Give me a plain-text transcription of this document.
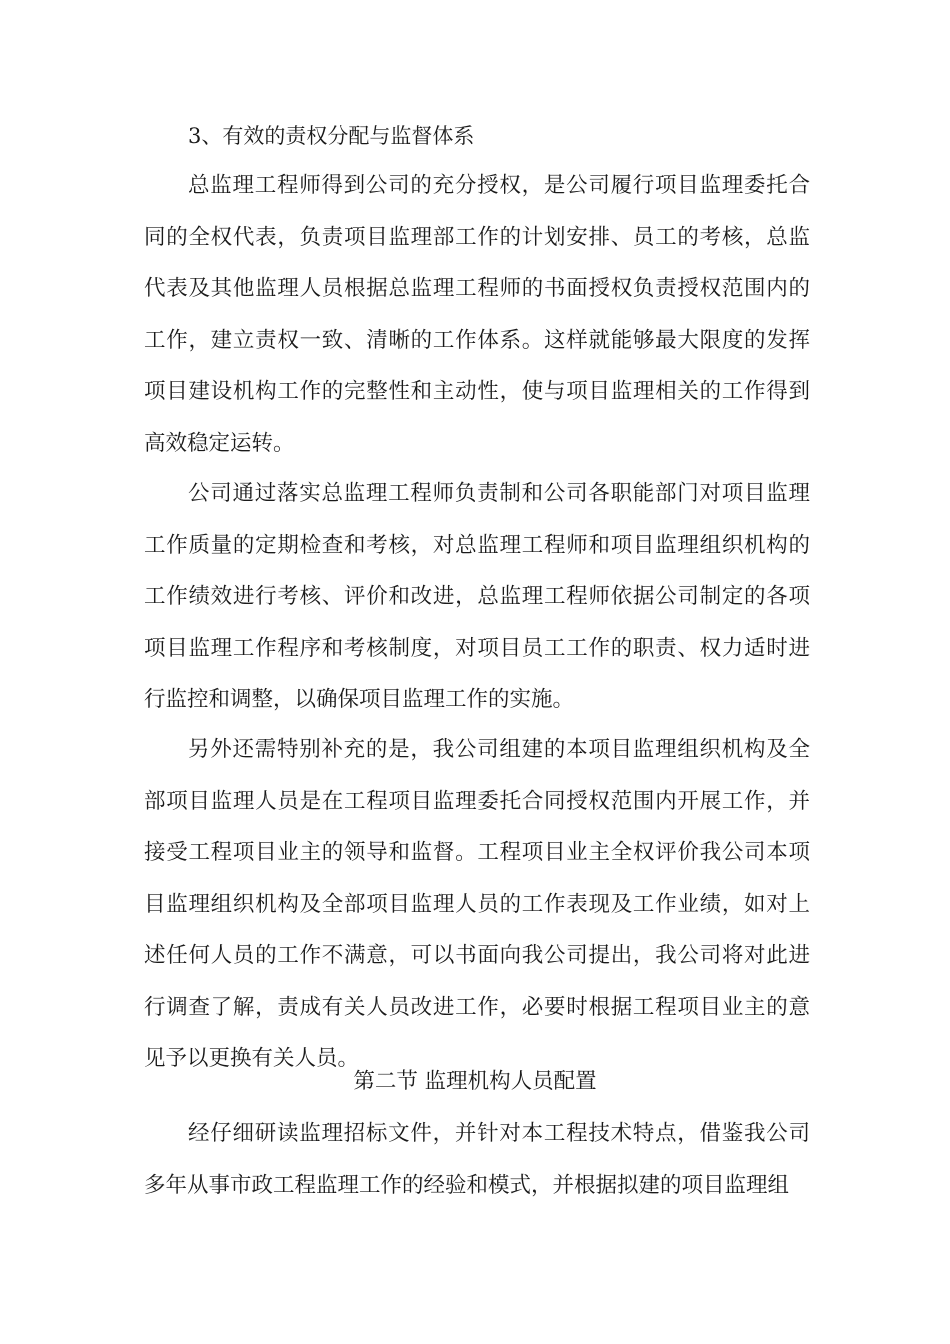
3、有效的责权分配与监督体系

总监理工程师得到公司的充分授权，是公司履行项目监理委托合同的全权代表，负责项目监理部工作的计划安排、员工的考核，总监代表及其他监理人员根据总监理工程师的书面授权负责授权范围内的工作，建立责权一致、清晰的工作体系。这样就能够最大限度的发挥项目建设机构工作的完整性和主动性，使与项目监理相关的工作得到高效稳定运转。

公司通过落实总监理工程师负责制和公司各职能部门对项目监理工作质量的定期检查和考核，对总监理工程师和项目监理组织机构的工作绩效进行考核、评价和改进，总监理工程师依据公司制定的各项项目监理工作程序和考核制度，对项目员工工作的职责、权力适时进行监控和调整，以确保项目监理工作的实施。

另外还需特别补充的是，我公司组建的本项目监理组织机构及全部项目监理人员是在工程项目监理委托合同授权范围内开展工作，并接受工程项目业主的领导和监督。工程项目业主全权评价我公司本项目监理组织机构及全部项目监理人员的工作表现及工作业绩，如对上述任何人员的工作不满意，可以书面向我公司提出，我公司将对此进行调查了解，责成有关人员改进工作，必要时根据工程项目业主的意见予以更换有关人员。

第二节 监理机构人员配置

经仔细研读监理招标文件，并针对本工程技术特点，借鉴我公司多年从事市政工程监理工作的经验和模式，并根据拟建的项目监理组
